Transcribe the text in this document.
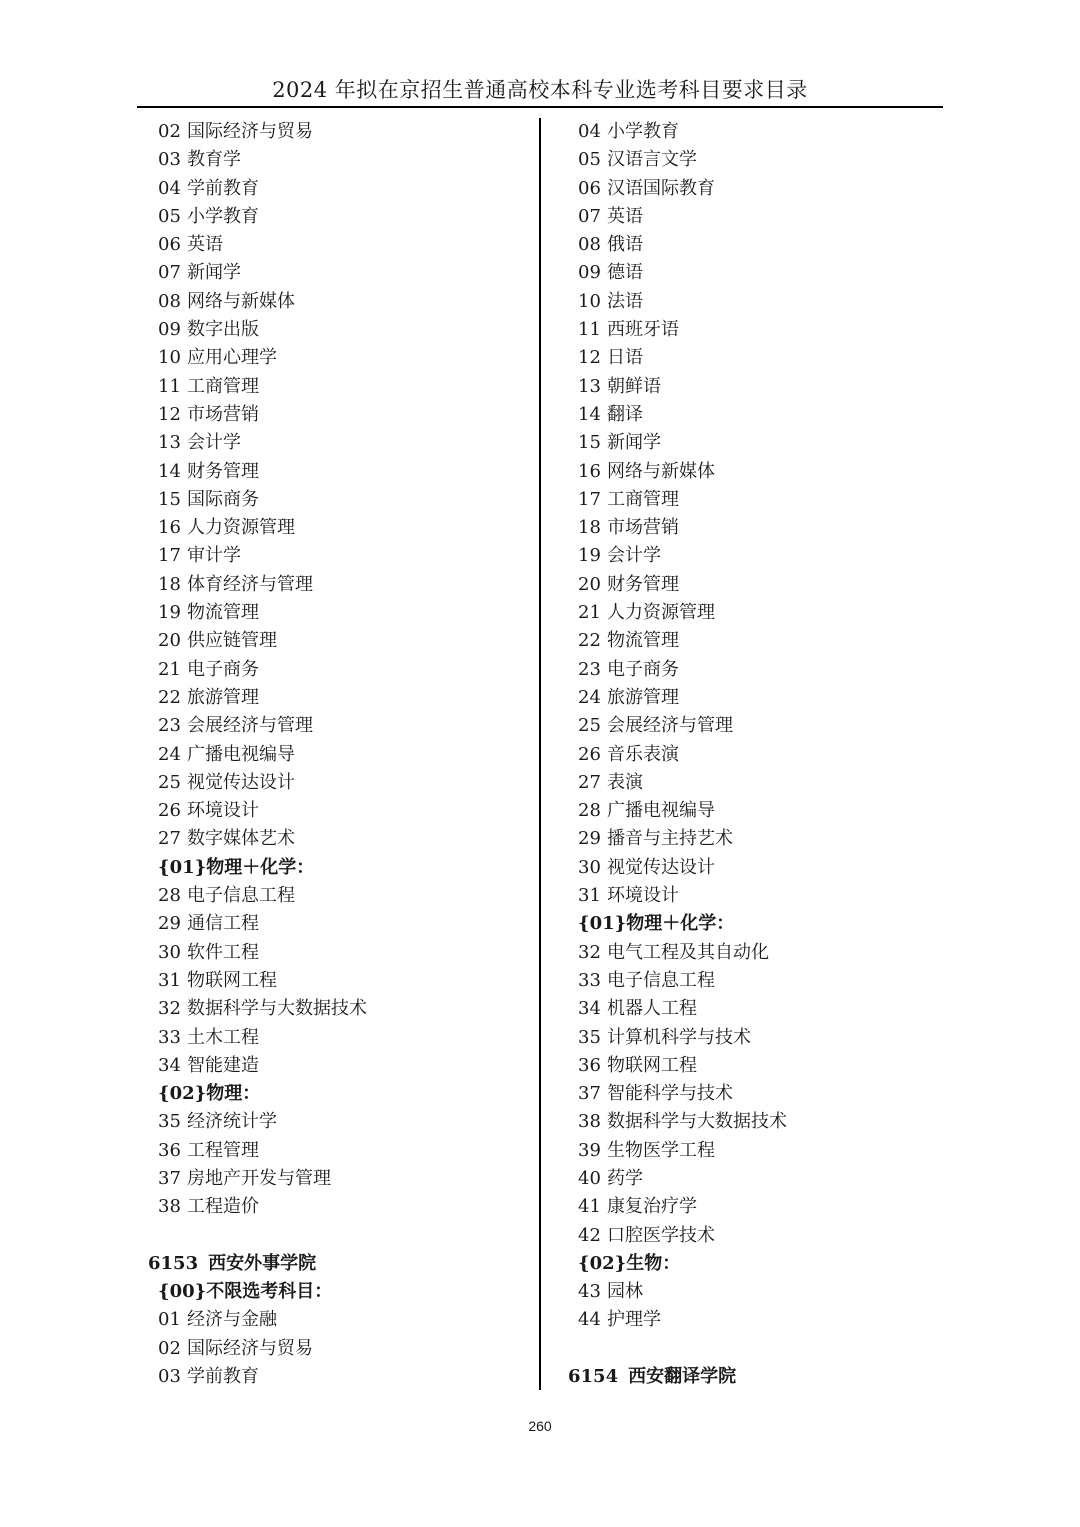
2024 年拟在京招生普通高校本科专业选考科目要求目录
02 国际经济与贸易
03 教育学
04 学前教育
05 小学教育
06 英语
07 新闻学
08 网络与新媒体
09 数字出版
10 应用心理学
11 工商管理
12 市场营销
13 会计学
14 财务管理
15 国际商务
16 人力资源管理
17 审计学
18 体育经济与管理
19 物流管理
20 供应链管理
21 电子商务
22 旅游管理
23 会展经济与管理
24 广播电视编导
25 视觉传达设计
26 环境设计
27 数字媒体艺术
{01}物理＋化学：
28 电子信息工程
29 通信工程
30 软件工程
31 物联网工程
32 数据科学与大数据技术
33 土木工程
34 智能建造
{02}物理：
35 经济统计学
36 工程管理
37 房地产开发与管理
38 工程造价
6153 西安外事学院
{00}不限选考科目：
01 经济与金融
02 国际经济与贸易
03 学前教育
04 小学教育
05 汉语言文学
06 汉语国际教育
07 英语
08 俄语
09 德语
10 法语
11 西班牙语
12 日语
13 朝鲜语
14 翻译
15 新闻学
16 网络与新媒体
17 工商管理
18 市场营销
19 会计学
20 财务管理
21 人力资源管理
22 物流管理
23 电子商务
24 旅游管理
25 会展经济与管理
26 音乐表演
27 表演
28 广播电视编导
29 播音与主持艺术
30 视觉传达设计
31 环境设计
{01}物理＋化学：
32 电气工程及其自动化
33 电子信息工程
34 机器人工程
35 计算机科学与技术
36 物联网工程
37 智能科学与技术
38 数据科学与大数据技术
39 生物医学工程
40 药学
41 康复治疗学
42 口腔医学技术
{02}生物：
43 园林
44 护理学
6154 西安翻译学院
260
